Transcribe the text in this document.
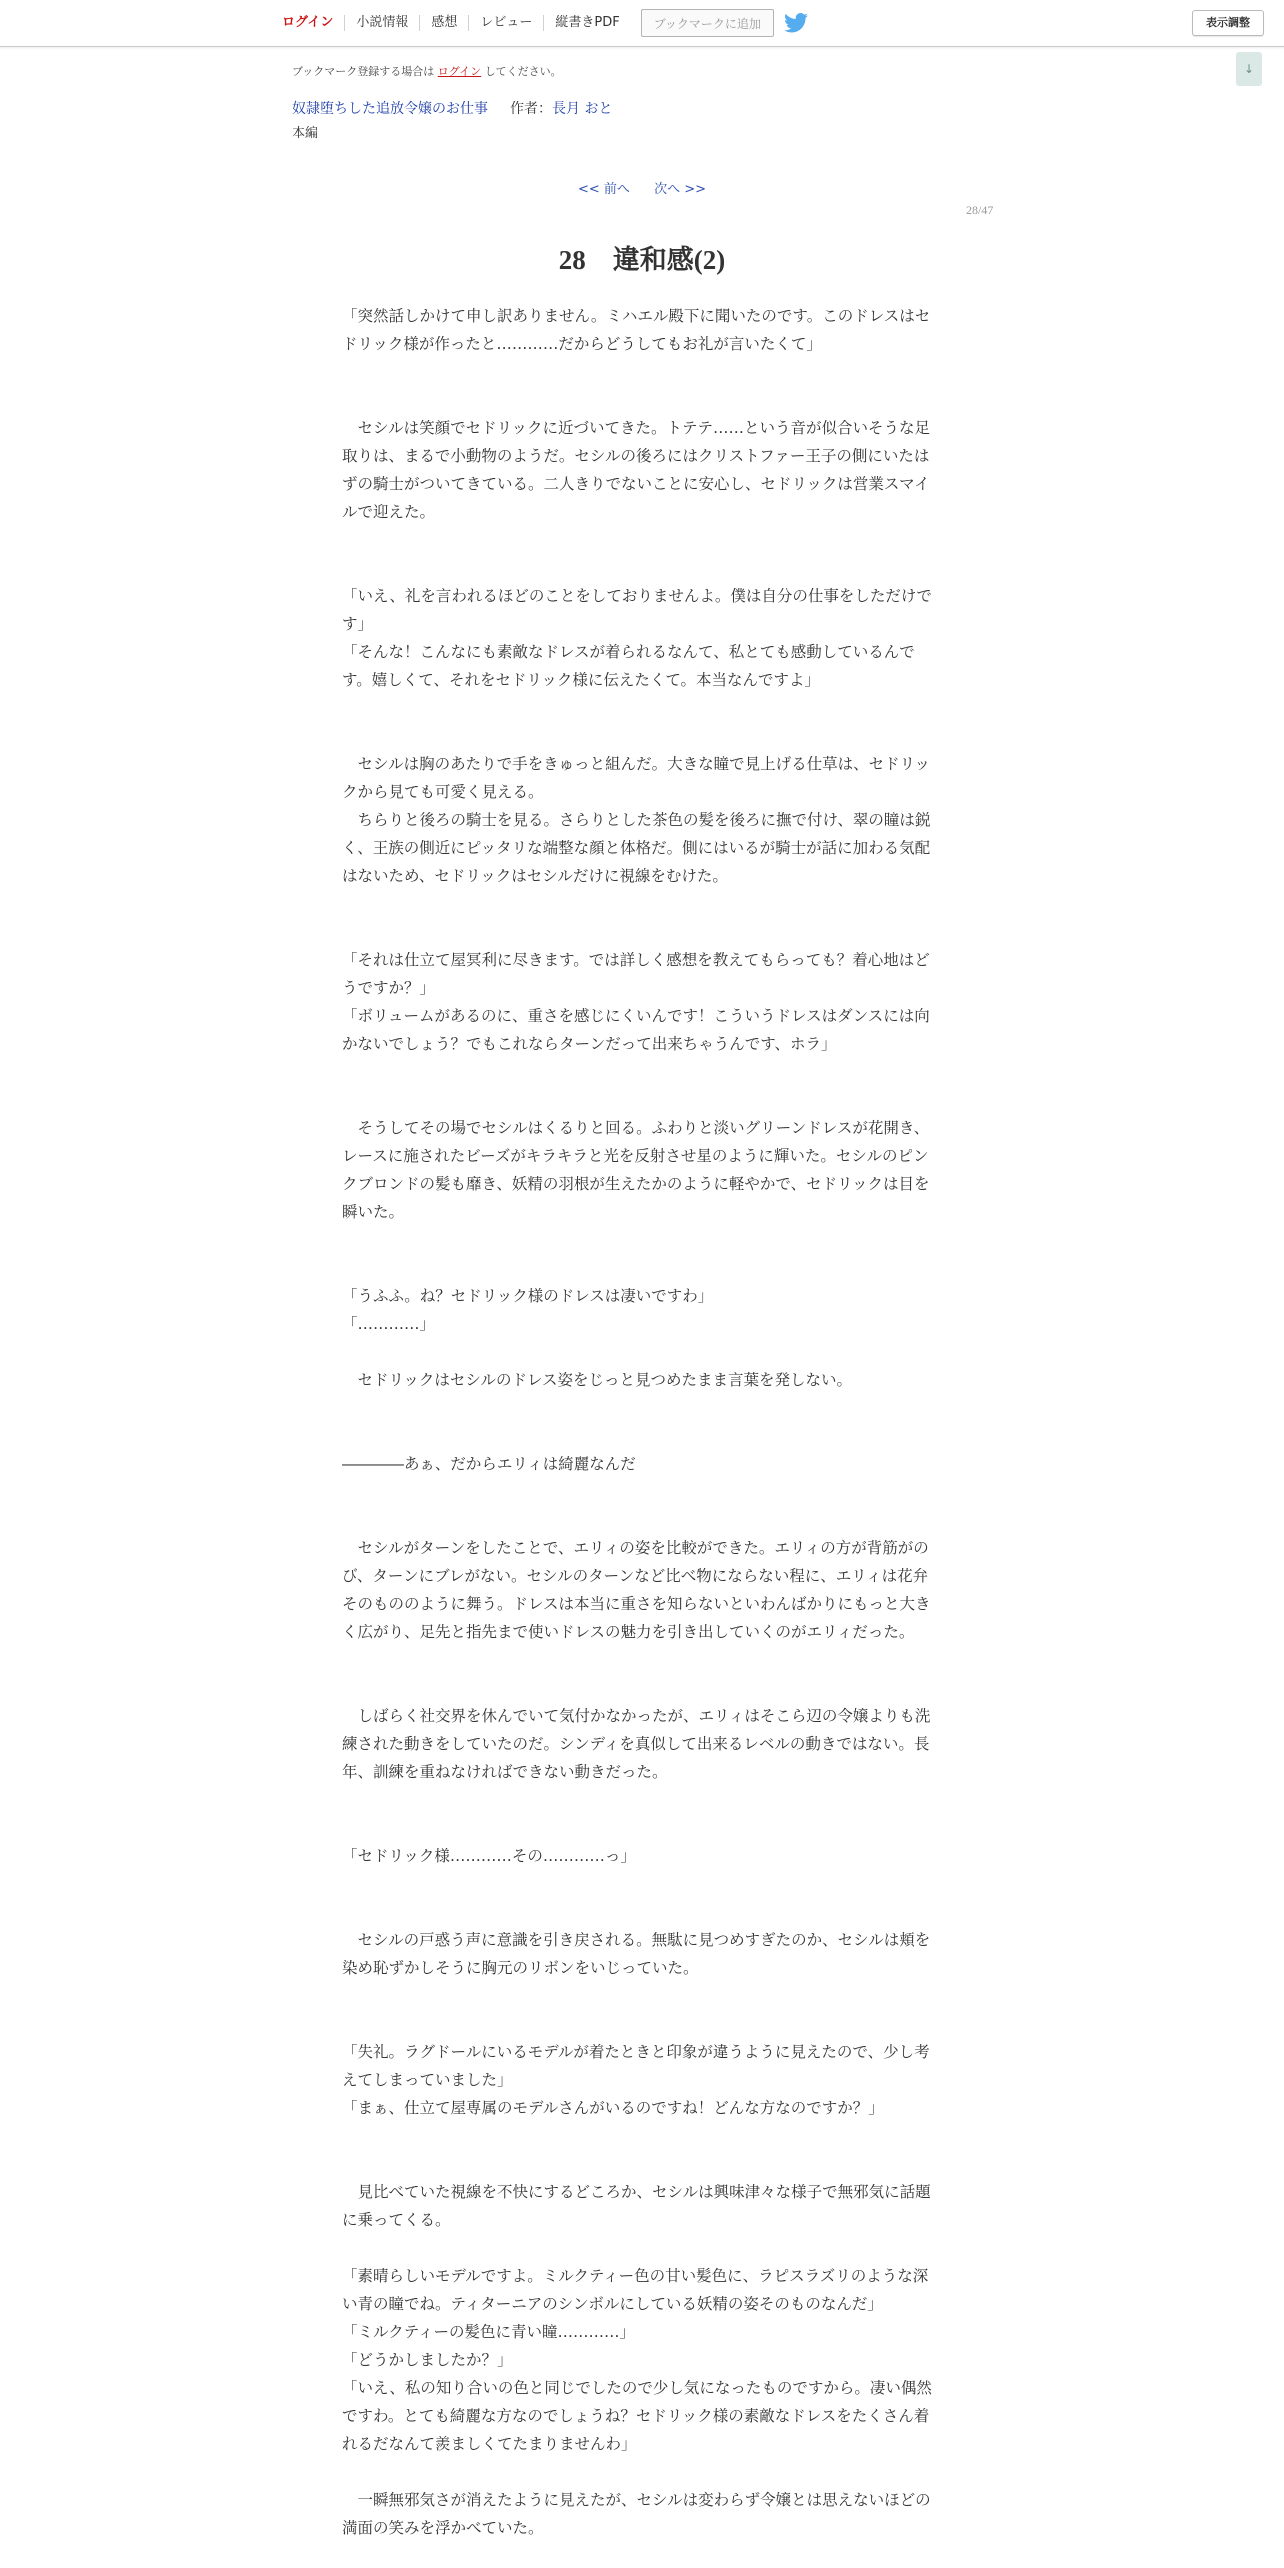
ログイン	小説情報	感想	レビュー	縦書きPDF	ブックマークに追加	表示調整
↓
ブックマーク登録する場合は ログイン してください。
奴隷堕ちした追放令嬢のお仕事 作者：長月 おと
本編
<< 前へ 次へ >>
28/47
28　違和感(2)

「突然話しかけて申し訳ありません。ミハエル殿下に聞いたのです。このドレスはセドリック様が作ったと…………だからどうしてもお礼が言いたくて」

　セシルは笑顔でセドリックに近づいてきた。トテテ……という音が似合いそうな足取りは、まるで小動物のようだ。セシルの後ろにはクリストファー王子の側にいたはずの騎士がついてきている。二人きりでないことに安心し、セドリックは営業スマイルで迎えた。

「いえ、礼を言われるほどのことをしておりませんよ。僕は自分の仕事をしただけです」

「そんな！こんなにも素敵なドレスが着られるなんて、私とても感動しているんです。嬉しくて、それをセドリック様に伝えたくて。本当なんですよ」

　セシルは胸のあたりで手をきゅっと組んだ。大きな瞳で見上げる仕草は、セドリックから見ても可愛く見える。

　ちらりと後ろの騎士を見る。さらりとした茶色の髪を後ろに撫で付け、翠の瞳は鋭く、王族の側近にピッタリな端整な顔と体格だ。側にはいるが騎士が話に加わる気配はないため、セドリックはセシルだけに視線をむけた。

「それは仕立て屋冥利に尽きます。では詳しく感想を教えてもらっても？着心地はどうですか？」

「ボリュームがあるのに、重さを感じにくいんです！こういうドレスはダンスには向かないでしょう？でもこれならターンだって出来ちゃうんです、ホラ」

　そうしてその場でセシルはくるりと回る。ふわりと淡いグリーンドレスが花開き、レースに施されたビーズがキラキラと光を反射させ星のように輝いた。セシルのピンクブロンドの髪も靡き、妖精の羽根が生えたかのように軽やかで、セドリックは目を瞬いた。

「うふふ。ね？セドリック様のドレスは凄いですわ」

「…………」

　セドリックはセシルのドレス姿をじっと見つめたまま言葉を発しない。

――――あぁ、だからエリィは綺麗なんだ

　セシルがターンをしたことで、エリィの姿を比較ができた。エリィの方が背筋がのび、ターンにブレがない。セシルのターンなど比べ物にならない程に、エリィは花弁そのもののように舞う。ドレスは本当に重さを知らないといわんばかりにもっと大きく広がり、足先と指先まで使いドレスの魅力を引き出していくのがエリィだった。

　しばらく社交界を休んでいて気付かなかったが、エリィはそこら辺の令嬢よりも洗練された動きをしていたのだ。シンディを真似して出来るレベルの動きではない。長年、訓練を重ねなければできない動きだった。

「セドリック様…………その…………っ」

　セシルの戸惑う声に意識を引き戻される。無駄に見つめすぎたのか、セシルは頬を染め恥ずかしそうに胸元のリボンをいじっていた。

「失礼。ラグドールにいるモデルが着たときと印象が違うように見えたので、少し考えてしまっていました」

「まぁ、仕立て屋専属のモデルさんがいるのですね！どんな方なのですか？」

　見比べていた視線を不快にするどころか、セシルは興味津々な様子で無邪気に話題に乗ってくる。

「素晴らしいモデルですよ。ミルクティー色の甘い髪色に、ラピスラズリのような深い青の瞳でね。ティターニアのシンボルにしている妖精の姿そのものなんだ」

「ミルクティーの髪色に青い瞳…………」

「どうかしましたか？」

「いえ、私の知り合いの色と同じでしたので少し気になったものですから。凄い偶然ですわ。とても綺麗な方なのでしょうね？セドリック様の素敵なドレスをたくさん着れるだなんて羨ましくてたまりませんわ」

　一瞬無邪気さが消えたように見えたが、セシルは変わらず令嬢とは思えないほどの満面の笑みを浮かべていた。
